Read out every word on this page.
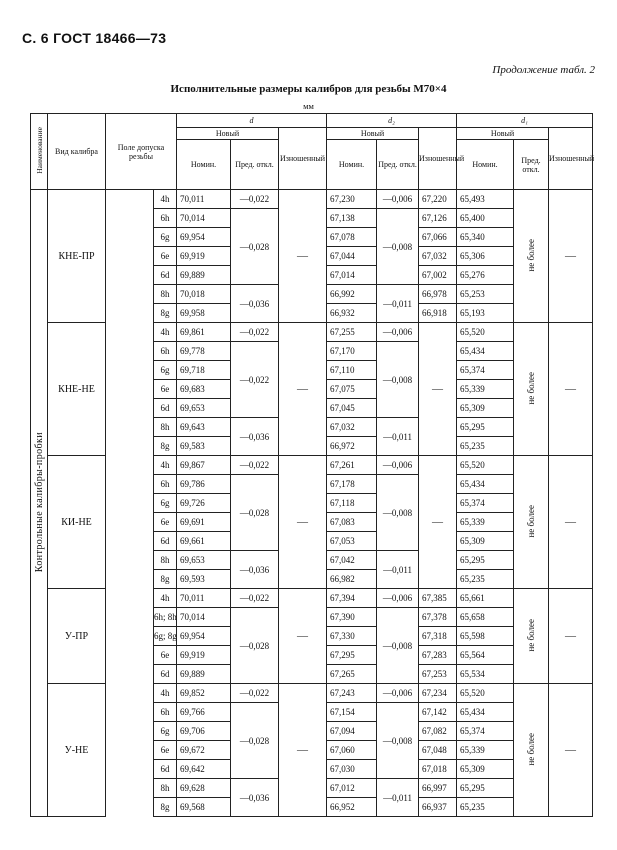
С. 6 ГОСТ 18466—73
Продолжение табл. 2
Исполнительные размеры калибров для резьбы М70×4
мм
Наименование	Вид калибра	Поле допуска резьбы		d			d₂			d₁		
				Новый		Изношенный	Новый		Изношенный	Новый		Изношенный
				Номин.	Пред. откл.		Номин.	Пред. откл.		Номин.	Пред. откл.	
Контрольные калибры-пробки	КНЕ-ПР		4h	70,011	—0,022	—	67,230	—0,006	67,220	65,493	не более	—
			6h	70,014	—0,028		67,138	—0,008	67,126	65,400		
			6g	69,954			67,078		67,066	65,340		
			6e	69,919			67,044		67,032	65,306		
			6d	69,889			67,014		67,002	65,276		
			8h	70,018	—0,036		66,992	—0,011	66,978	65,253		
			8g	69,958			66,932		66,918	65,193		
	КНЕ-НЕ		4h	69,861	—0,022	—	67,255	—0,006	—	65,520	не более	—
			6h	69,778	—0,022		67,170	—0,008		65,434		
			6g	69,718			67,110			65,374		
			6e	69,683			67,075			65,339		
			6d	69,653			67,045			65,309		
			8h	69,643	—0,036		67,032	—0,011		65,295		
			8g	69,583			66,972			65,235		
	КИ-НЕ		4h	69,867	—0,022	—	67,261	—0,006	—	65,520	не более	—
			6h	69,786	—0,028		67,178	—0,008		65,434		
			6g	69,726			67,118			65,374		
			6e	69,691			67,083			65,339		
			6d	69,661			67,053			65,309		
			8h	69,653	—0,036		67,042	—0,011		65,295		
			8g	69,593			66,982			65,235		
	У-ПР		4h	70,011	—0,022	—	67,394	—0,006	67,385	65,661	не более	—
			6h; 8h	70,014	—0,028		67,390	—0,008	67,378	65,658		
			6g; 8g	69,954			67,330		67,318	65,598		
			6e	69,919			67,295		67,283	65,564		
			6d	69,889			67,265		67,253	65,534		
	У-НЕ		4h	69,852	—0,022	—	67,243	—0,006	67,234	65,520	не более	—
			6h	69,766	—0,028		67,154	—0,008	67,142	65,434		
			6g	69,706			67,094		67,082	65,374		
			6e	69,672			67,060		67,048	65,339		
			6d	69,642			67,030		67,018	65,309		
			8h	69,628	—0,036		67,012	—0,011	66,997	65,295		
			8g	69,568			66,952		66,937	65,235		
